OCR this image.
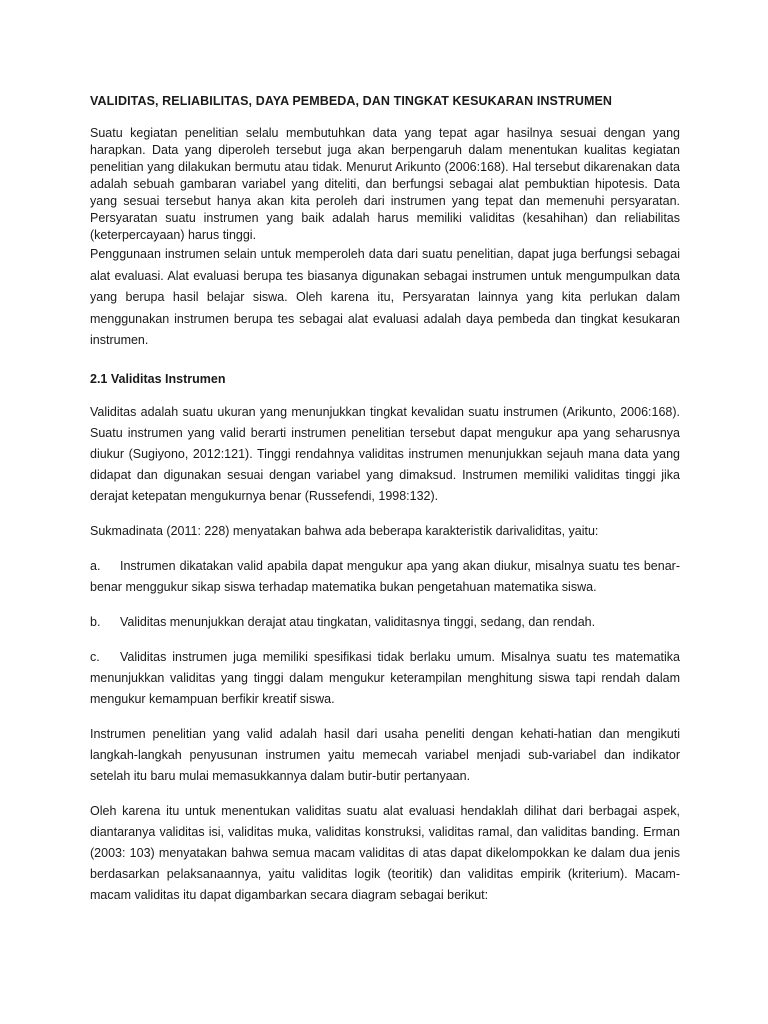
VALIDITAS, RELIABILITAS, DAYA PEMBEDA, DAN TINGKAT KESUKARAN INSTRUMEN

Suatu kegiatan penelitian selalu membutuhkan data yang tepat agar hasilnya sesuai dengan yang harapkan. Data yang diperoleh tersebut juga akan berpengaruh dalam menentukan kualitas kegiatan penelitian yang dilakukan bermutu atau tidak. Menurut Arikunto (2006:168). Hal tersebut dikarenakan data adalah sebuah gambaran variabel yang diteliti, dan berfungsi sebagai alat pembuktian hipotesis. Data yang sesuai tersebut hanya akan kita peroleh dari instrumen yang tepat dan memenuhi persyaratan. Persyaratan suatu instrumen yang baik adalah harus memiliki validitas (kesahihan) dan reliabilitas (keterpercayaan) harus tinggi.

Penggunaan instrumen selain untuk memperoleh data dari suatu penelitian, dapat juga berfungsi sebagai alat evaluasi. Alat evaluasi berupa tes biasanya digunakan sebagai instrumen untuk mengumpulkan data yang berupa hasil belajar siswa. Oleh karena itu, Persyaratan lainnya yang kita perlukan dalam menggunakan instrumen berupa tes sebagai alat evaluasi adalah daya pembeda dan tingkat kesukaran instrumen.

2.1 Validitas Instrumen

Validitas adalah suatu ukuran yang menunjukkan tingkat kevalidan suatu instrumen (Arikunto, 2006:168). Suatu instrumen yang valid berarti instrumen penelitian tersebut dapat mengukur apa yang seharusnya diukur (Sugiyono, 2012:121). Tinggi rendahnya validitas instrumen menunjukkan sejauh mana data yang didapat dan digunakan sesuai dengan variabel yang dimaksud. Instrumen memiliki validitas tinggi jika derajat ketepatan mengukurnya benar (Russefendi, 1998:132).

Sukmadinata (2011: 228) menyatakan bahwa ada beberapa karakteristik darivaliditas, yaitu:

a. Instrumen dikatakan valid apabila dapat mengukur apa yang akan diukur, misalnya suatu tes benar-benar menggukur sikap siswa terhadap matematika bukan pengetahuan matematika siswa.

b. Validitas menunjukkan derajat atau tingkatan, validitasnya tinggi, sedang, dan rendah.

c. Validitas instrumen juga memiliki spesifikasi tidak berlaku umum. Misalnya suatu tes matematika menunjukkan validitas yang tinggi dalam mengukur keterampilan menghitung siswa tapi rendah dalam mengukur kemampuan berfikir kreatif siswa.

Instrumen penelitian yang valid adalah hasil dari usaha peneliti dengan kehati-hatian dan mengikuti langkah-langkah penyusunan instrumen yaitu memecah variabel menjadi sub-variabel dan indikator setelah itu baru mulai memasukkannya dalam butir-butir pertanyaan.

Oleh karena itu untuk menentukan validitas suatu alat evaluasi hendaklah dilihat dari berbagai aspek, diantaranya validitas isi, validitas muka, validitas konstruksi, validitas ramal, dan validitas banding. Erman (2003: 103) menyatakan bahwa semua macam validitas di atas dapat dikelompokkan ke dalam dua jenis berdasarkan pelaksanaannya, yaitu validitas logik (teoritik) dan validitas empirik (kriterium). Macam-macam validitas itu dapat digambarkan secara diagram sebagai berikut:
